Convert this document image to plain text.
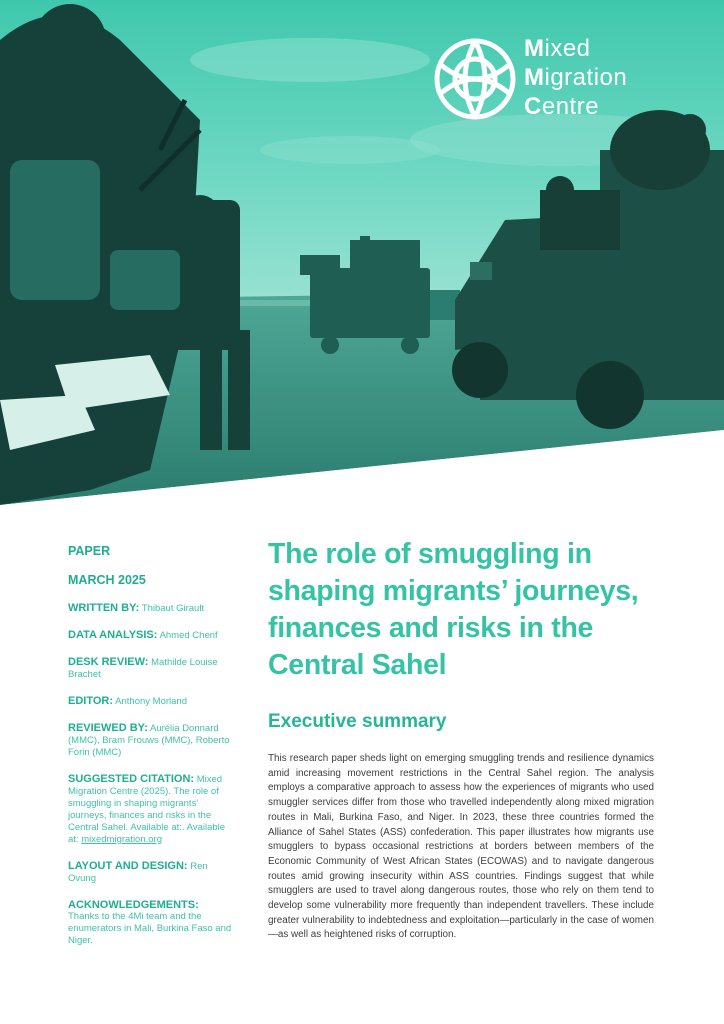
Mixed
Migration
Centre
PAPER
MARCH 2025
WRITTEN BY: Thibaut Girault
DATA ANALYSIS: Ahmed Cherif
DESK REVIEW: Mathilde Louise Brachet
EDITOR: Anthony Morland
REVIEWED BY: Aurélia Donnard (MMC), Bram Frouws (MMC), Roberto Forin (MMC)
SUGGESTED CITATION: Mixed Migration Centre (2025). The role of smuggling in shaping migrants' journeys, finances and risks in the Central Sahel. Available at:. Available at: mixedmigration.org
LAYOUT AND DESIGN: Ren Ovung
ACKNOWLEDGEMENTS:
Thanks to the 4Mi team and the enumerators in Mali, Burkina Faso and Niger.
The role of smuggling in shaping migrants’ journeys, finances and risks in the Central Sahel
Executive summary

This research paper sheds light on emerging smuggling trends and resilience dynamics amid increasing movement restrictions in the Central Sahel region. The analysis employs a comparative approach to assess how the experiences of migrants who used smuggler services differ from those who travelled independently along mixed migration routes in Mali, Burkina Faso, and Niger. In 2023, these three countries formed the Alliance of Sahel States (ASS) confederation. This paper illustrates how migrants use smugglers to bypass occasional restrictions at borders between members of the Economic Community of West African States (ECOWAS) and to navigate dangerous routes amid growing insecurity within ASS countries. Findings suggest that while smugglers are used to travel along dangerous routes, those who rely on them tend to develop some vulnerability more frequently than independent travellers. These include greater vulnerability to indebtedness and exploitation—particularly in the case of women—as well as heightened risks of corruption.
